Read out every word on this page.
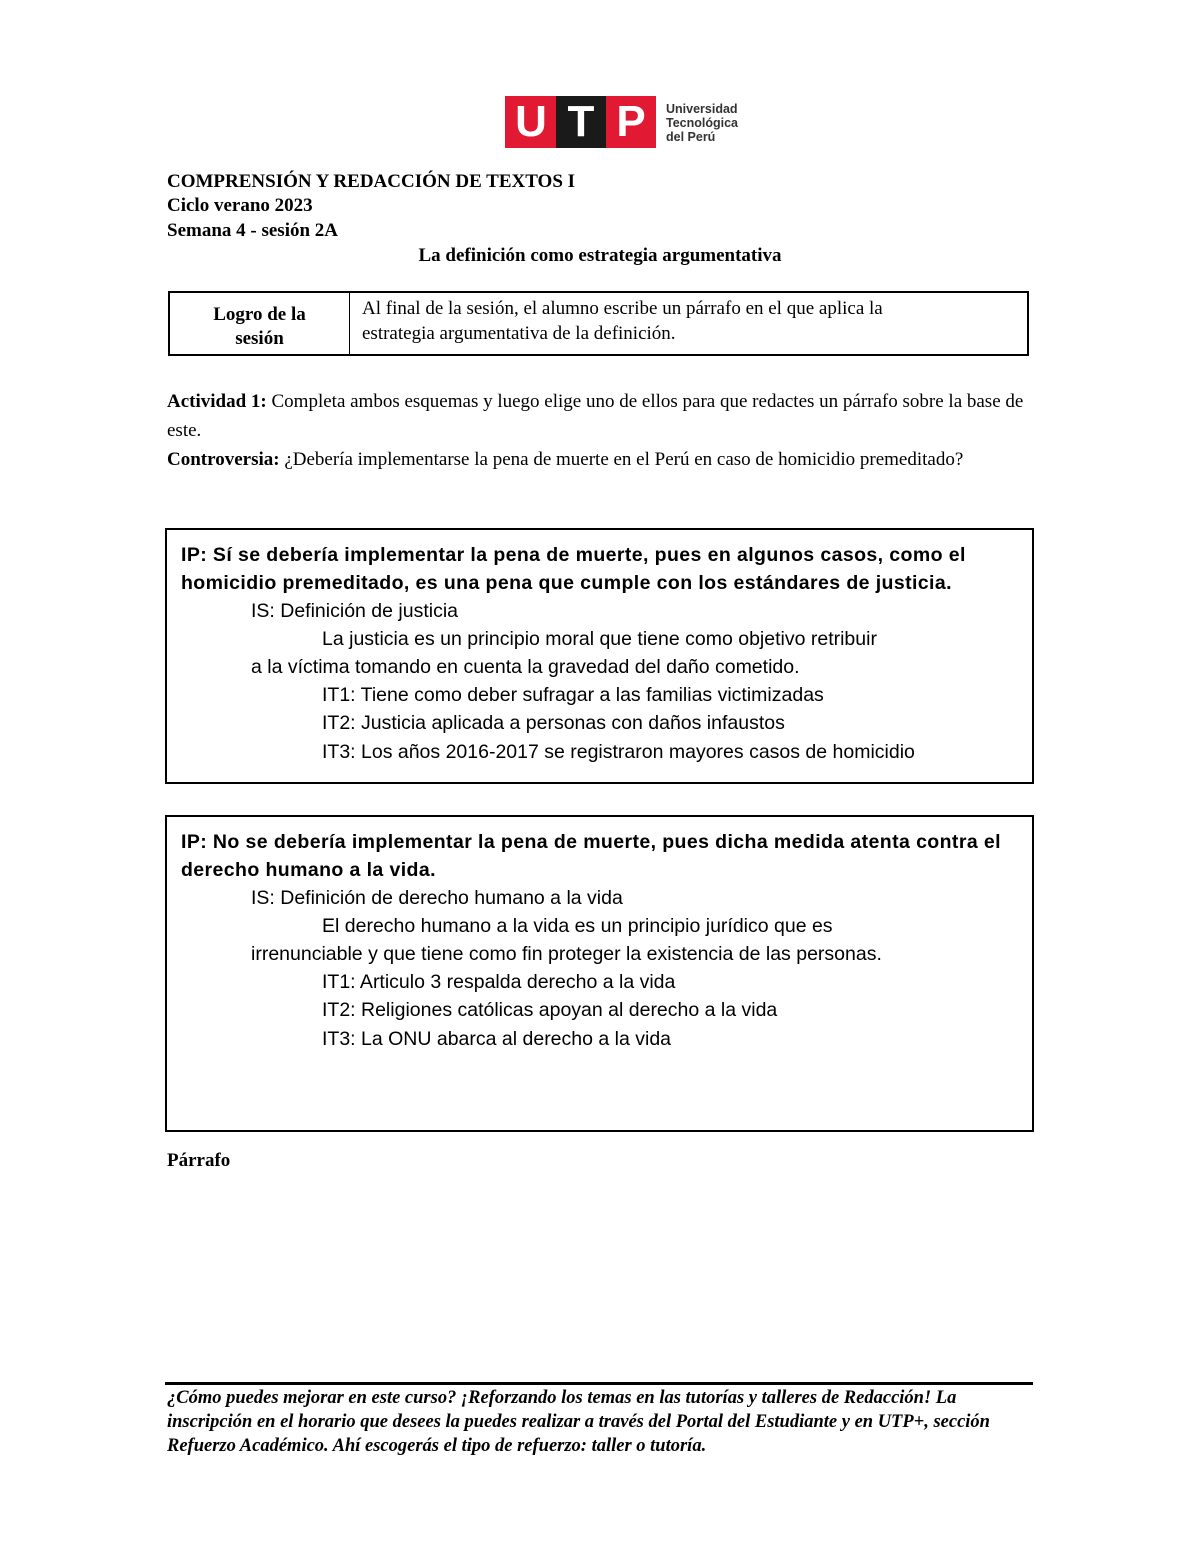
U T P	Universidad
Tecnológica
del Perú
COMPRENSIÓN Y REDACCIÓN DE TEXTOS I
Ciclo verano 2023
Semana 4 - sesión 2A
La definición como estrategia argumentativa
Logro de la
sesión
Al final de la sesión, el alumno escribe un párrafo en el que aplica la
estrategia argumentativa de la definición.
Actividad 1: Completa ambos esquemas y luego elige uno de ellos para que redactes un párrafo sobre la base de este.
Controversia: ¿Debería implementarse la pena de muerte en el Perú en caso de homicidio premeditado?
IP: Sí se debería implementar la pena de muerte, pues en algunos casos, como el homicidio premeditado, es una pena que cumple con los estándares de justicia.
IS: Definición de justicia
La justicia es un principio moral que tiene como objetivo retribuir
a la víctima tomando en cuenta la gravedad del daño cometido.
IT1: Tiene como deber sufragar a las familias victimizadas
IT2: Justicia aplicada a personas con daños infaustos
IT3: Los años 2016-2017 se registraron mayores casos de homicidio
IP: No se debería implementar la pena de muerte, pues dicha medida atenta contra el derecho humano a la vida.
IS: Definición de derecho humano a la vida
El derecho humano a la vida es un principio jurídico que es
irrenunciable y que tiene como fin proteger la existencia de las personas.
IT1: Articulo 3 respalda derecho a la vida
IT2: Religiones católicas apoyan al derecho a la vida
IT3: La ONU abarca al derecho a la vida
Párrafo
¿Cómo puedes mejorar en este curso? ¡Reforzando los temas en las tutorías y talleres de Redacción! La inscripción en el horario que desees la puedes realizar a través del Portal del Estudiante y en UTP+, sección Refuerzo Académico. Ahí escogerás el tipo de refuerzo: taller o tutoría.
